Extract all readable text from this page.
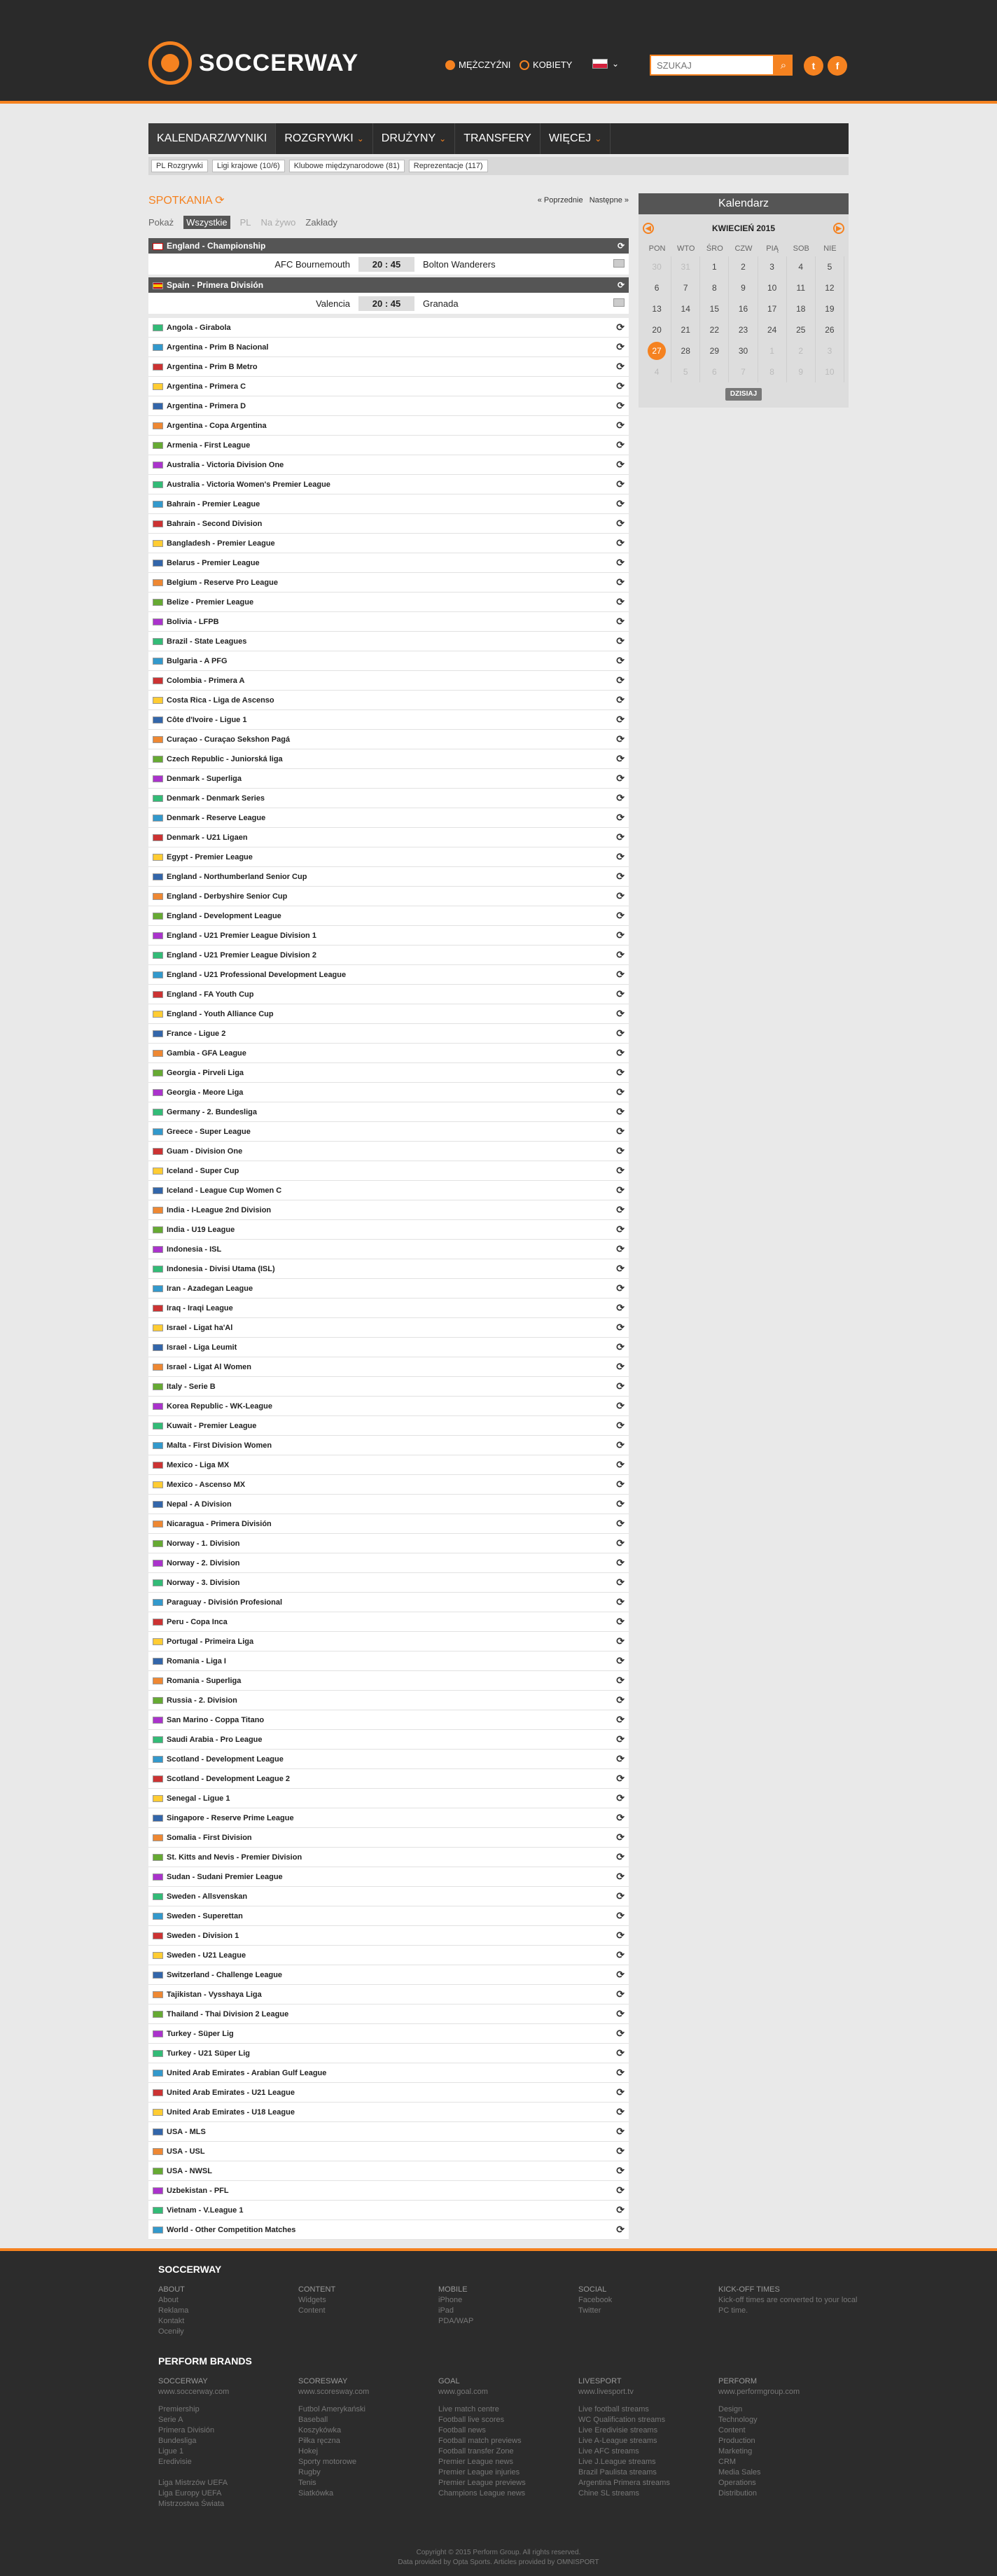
SOCCERWAY	MĘŻCZYŹNI KOBIETY	⌄
SZUKAJ	⌕	t	f
KALENDARZ/WYNIKI ROZGRYWKI ⌄ DRUŻYNY ⌄ TRANSFERY WIĘCEJ ⌄
PL Rozgrywki	Ligi krajowe (10/6)	Klubowe międzynarodowe (81)	Reprezentacje (117)
SPOTKANIA ⟳	« Poprzednie Następne »
Pokaż	Wszystkie	PL Na żywo Zakłady
England - Championship	⟳
AFC Bournemouth	20 : 45	Bolton Wanderers
Spain - Primera División	⟳
Valencia	20 : 45	Granada
Angola - Girabola	⟳
Argentina - Prim B Nacional	⟳
Argentina - Prim B Metro	⟳
Argentina - Primera C	⟳
Argentina - Primera D	⟳
Argentina - Copa Argentina	⟳
Armenia - First League	⟳
Australia - Victoria Division One	⟳
Australia - Victoria Women's Premier League	⟳
Bahrain - Premier League	⟳
Bahrain - Second Division	⟳
Bangladesh - Premier League	⟳
Belarus - Premier League	⟳
Belgium - Reserve Pro League	⟳
Belize - Premier League	⟳
Bolivia - LFPB	⟳
Brazil - State Leagues	⟳
Bulgaria - A PFG	⟳
Colombia - Primera A	⟳
Costa Rica - Liga de Ascenso	⟳
Côte d'Ivoire - Ligue 1	⟳
Curaçao - Curaçao Sekshon Pagá	⟳
Czech Republic - Juniorská liga	⟳
Denmark - Superliga	⟳
Denmark - Denmark Series	⟳
Denmark - Reserve League	⟳
Denmark - U21 Ligaen	⟳
Egypt - Premier League	⟳
England - Northumberland Senior Cup	⟳
England - Derbyshire Senior Cup	⟳
England - Development League	⟳
England - U21 Premier League Division 1	⟳
England - U21 Premier League Division 2	⟳
England - U21 Professional Development League	⟳
England - FA Youth Cup	⟳
England - Youth Alliance Cup	⟳
France - Ligue 2	⟳
Gambia - GFA League	⟳
Georgia - Pirveli Liga	⟳
Georgia - Meore Liga	⟳
Germany - 2. Bundesliga	⟳
Greece - Super League	⟳
Guam - Division One	⟳
Iceland - Super Cup	⟳
Iceland - League Cup Women C	⟳
India - I-League 2nd Division	⟳
India - U19 League	⟳
Indonesia - ISL	⟳
Indonesia - Divisi Utama (ISL)	⟳
Iran - Azadegan League	⟳
Iraq - Iraqi League	⟳
Israel - Ligat ha'Al	⟳
Israel - Liga Leumit	⟳
Israel - Ligat Al Women	⟳
Italy - Serie B	⟳
Korea Republic - WK-League	⟳
Kuwait - Premier League	⟳
Malta - First Division Women	⟳
Mexico - Liga MX	⟳
Mexico - Ascenso MX	⟳
Nepal - A Division	⟳
Nicaragua - Primera División	⟳
Norway - 1. Division	⟳
Norway - 2. Division	⟳
Norway - 3. Division	⟳
Paraguay - División Profesional	⟳
Peru - Copa Inca	⟳
Portugal - Primeira Liga	⟳
Romania - Liga I	⟳
Romania - Superliga	⟳
Russia - 2. Division	⟳
San Marino - Coppa Titano	⟳
Saudi Arabia - Pro League	⟳
Scotland - Development League	⟳
Scotland - Development League 2	⟳
Senegal - Ligue 1	⟳
Singapore - Reserve Prime League	⟳
Somalia - First Division	⟳
St. Kitts and Nevis - Premier Division	⟳
Sudan - Sudani Premier League	⟳
Sweden - Allsvenskan	⟳
Sweden - Superettan	⟳
Sweden - Division 1	⟳
Sweden - U21 League	⟳
Switzerland - Challenge League	⟳
Tajikistan - Vysshaya Liga	⟳
Thailand - Thai Division 2 League	⟳
Turkey - Süper Lig	⟳
Turkey - U21 Süper Lig	⟳
United Arab Emirates - Arabian Gulf League	⟳
United Arab Emirates - U21 League	⟳
United Arab Emirates - U18 League	⟳
USA - MLS	⟳
USA - USL	⟳
USA - NWSL	⟳
Uzbekistan - PFL	⟳
Vietnam - V.League 1	⟳
World - Other Competition Matches	⟳
Kalendarz
◀	KWIECIEŃ 2015	▶
PON	WTO	ŚRO	CZW	PIĄ	SOB	NIE
30	31	1	2	3	4	5
6	7	8	9	10	11	12
13	14	15	16	17	18	19
20	21	22	23	24	25	26
27	28	29	30	1	2	3
4	5	6	7	8	9	10
DZISIAJ
SOCCERWAY
ABOUT
About
Reklama
Kontakt
Oceniły
CONTENT
Widgets
Content
MOBILE
iPhone
iPad
PDA/WAP
SOCIAL
Facebook
Twitter
KICK-OFF TIMES
Kick-off times are converted to your local PC time.
PERFORM BRANDS
SOCCERWAY
www.soccerway.com
Premiership
Serie A
Primera División
Bundesliga
Ligue 1
Eredivisie

Liga Mistrzów UEFA
Liga Europy UEFA
Mistrzostwa Świata
SCORESWAY
www.scoresway.com
Futbol Amerykański
Baseball
Koszykówka
Piłka ręczna
Hokej
Sporty motorowe
Rugby
Tenis
Siatkówka
GOAL
www.goal.com
Live match centre
Football live scores
Football news
Football match previews
Football transfer Zone
Premier League news
Premier League injuries
Premier League previews
Champions League news
LIVESPORT
www.livesport.tv
Live football streams
WC Qualification streams
Live Eredivisie streams
Live A-League streams
Live AFC streams
Live J.League streams
Brazil Paulista streams
Argentina Primera streams
Chine SL streams
PERFORM
www.performgroup.com
Design
Technology
Content
Production
Marketing
CRM
Media Sales
Operations
Distribution
Copyright © 2015 Perform Group. All rights reserved.
Data provided by Opta Sports. Articles provided by OMNISPORT
